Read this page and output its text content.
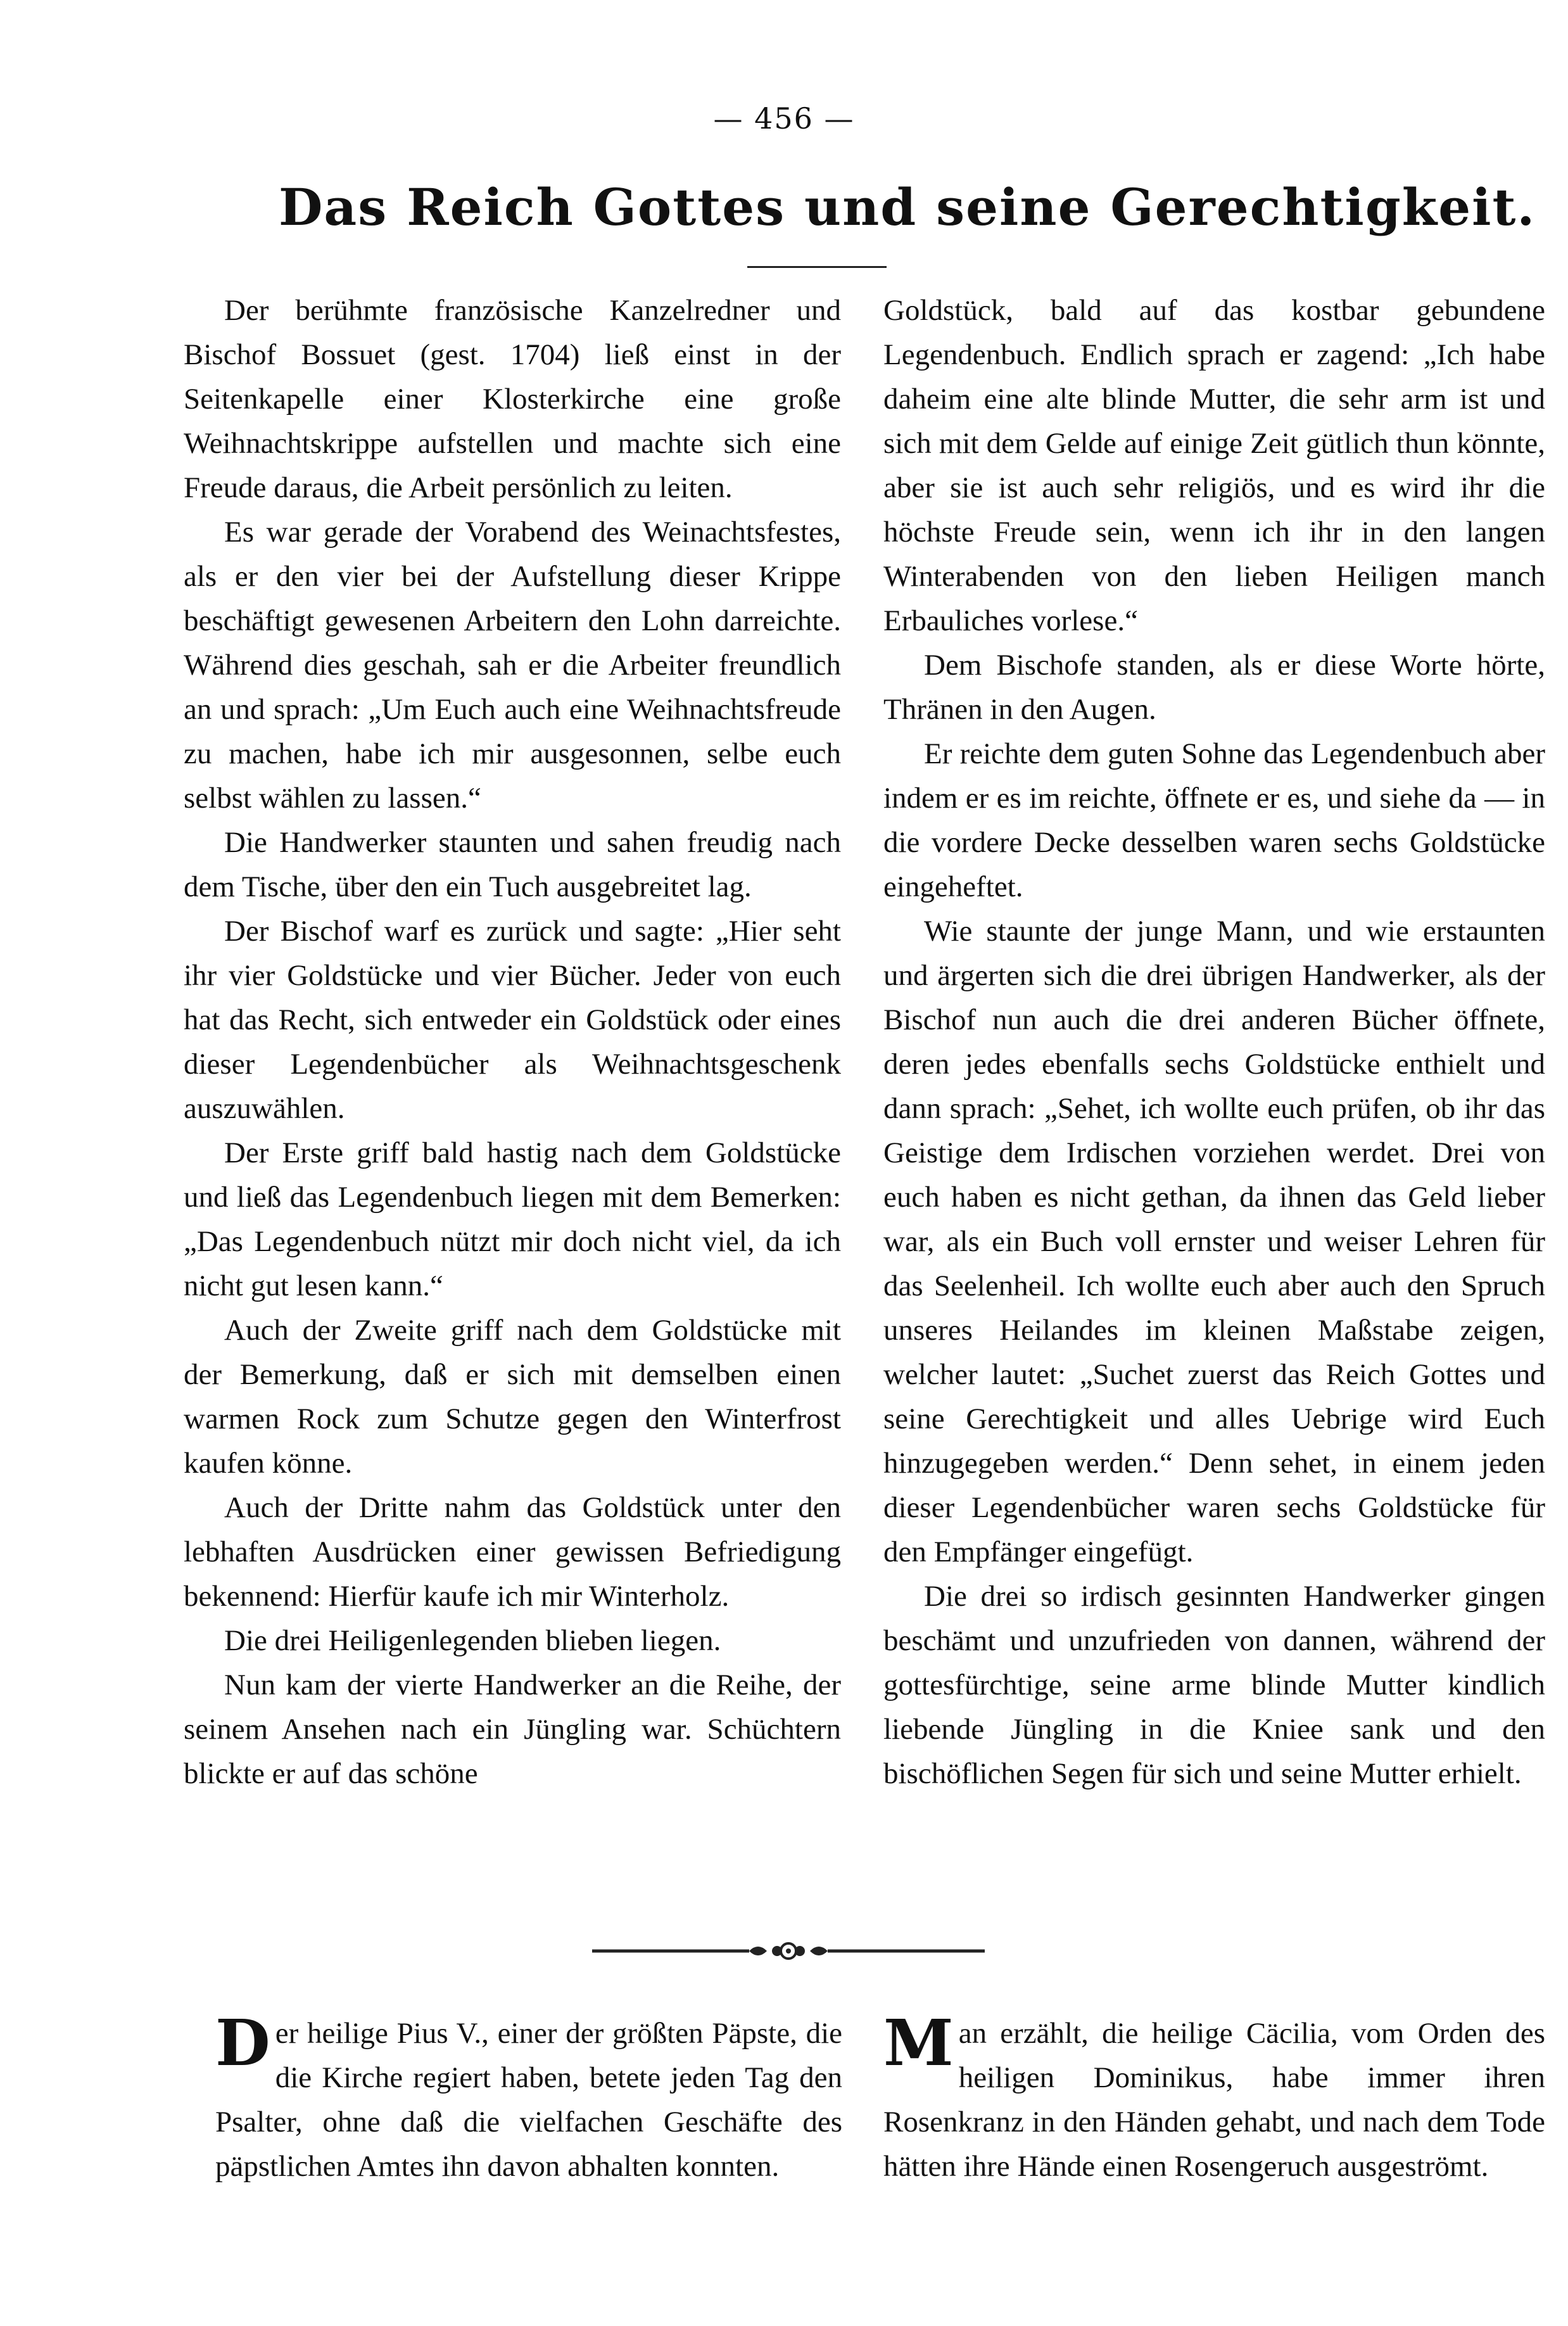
— 456 —
Das Reich Gottes und seine Gerechtigkeit.

Der berühmte französische Kanzelredner und Bischof Bossuet (gest. 1704) ließ einst in der Seitenkapelle einer Klosterkirche eine große Weihnachtskrippe aufstellen und machte sich eine Freude daraus, die Arbeit persönlich zu leiten.

Es war gerade der Vorabend des Weinachtsfestes, als er den vier bei der Aufstellung dieser Krippe beschäftigt gewesenen Arbeitern den Lohn darreichte. Während dies geschah, sah er die Arbeiter freundlich an und sprach: „Um Euch auch eine Weihnachtsfreude zu machen, habe ich mir ausgesonnen, selbe euch selbst wählen zu lassen.“

Die Handwerker staunten und sahen freudig nach dem Tische, über den ein Tuch ausgebreitet lag.

Der Bischof warf es zurück und sagte: „Hier seht ihr vier Goldstücke und vier Bücher. Jeder von euch hat das Recht, sich entweder ein Goldstück oder eines dieser Legendenbücher als Weihnachtsgeschenk auszuwählen.

Der Erste griff bald hastig nach dem Goldstücke und ließ das Legendenbuch liegen mit dem Bemerken: „Das Legendenbuch nützt mir doch nicht viel, da ich nicht gut lesen kann.“

Auch der Zweite griff nach dem Goldstücke mit der Bemerkung, daß er sich mit demselben einen warmen Rock zum Schutze gegen den Winterfrost kaufen könne.

Auch der Dritte nahm das Goldstück unter den lebhaften Ausdrücken einer gewissen Befriedigung bekennend: Hierfür kaufe ich mir Winterholz.

Die drei Heiligenlegenden blieben liegen.

Nun kam der vierte Handwerker an die Reihe, der seinem Ansehen nach ein Jüngling war. Schüchtern blickte er auf das schöne

Goldstück, bald auf das kostbar gebundene Legendenbuch. Endlich sprach er zagend: „Ich habe daheim eine alte blinde Mutter, die sehr arm ist und sich mit dem Gelde auf einige Zeit gütlich thun könnte, aber sie ist auch sehr religiös, und es wird ihr die höchste Freude sein, wenn ich ihr in den langen Winterabenden von den lieben Heiligen manch Erbauliches vorlese.“

Dem Bischofe standen, als er diese Worte hörte, Thränen in den Augen.

Er reichte dem guten Sohne das Legendenbuch aber indem er es im reichte, öffnete er es, und siehe da — in die vordere Decke desselben waren sechs Goldstücke eingeheftet.

Wie staunte der junge Mann, und wie erstaunten und ärgerten sich die drei übrigen Handwerker, als der Bischof nun auch die drei anderen Bücher öffnete, deren jedes ebenfalls sechs Goldstücke enthielt und dann sprach: „Sehet, ich wollte euch prüfen, ob ihr das Geistige dem Irdischen vorziehen werdet. Drei von euch haben es nicht gethan, da ihnen das Geld lieber war, als ein Buch voll ernster und weiser Lehren für das Seelenheil. Ich wollte euch aber auch den Spruch unseres Heilandes im kleinen Maßstabe zeigen, welcher lautet: „Suchet zuerst das Reich Gottes und seine Gerechtigkeit und alles Uebrige wird Euch hinzugegeben werden.“ Denn sehet, in einem jeden dieser Legendenbücher waren sechs Goldstücke für den Empfänger eingefügt.

Die drei so irdisch gesinnten Handwerker gingen beschämt und unzufrieden von dannen, während der gottesfürchtige, seine arme blinde Mutter kindlich liebende Jüngling in die Kniee sank und den bischöflichen Segen für sich und seine Mutter erhielt.

Der heilige Pius V., einer der größten Päpste, die die Kirche regiert haben, betete jeden Tag den Psalter, ohne daß die vielfachen Geschäfte des päpstlichen Amtes ihn davon abhalten konnten.
Man erzählt, die heilige Cäcilia, vom Orden des heiligen Dominikus, habe immer ihren Rosenkranz in den Händen gehabt, und nach dem Tode hätten ihre Hände einen Rosengeruch ausgeströmt.
